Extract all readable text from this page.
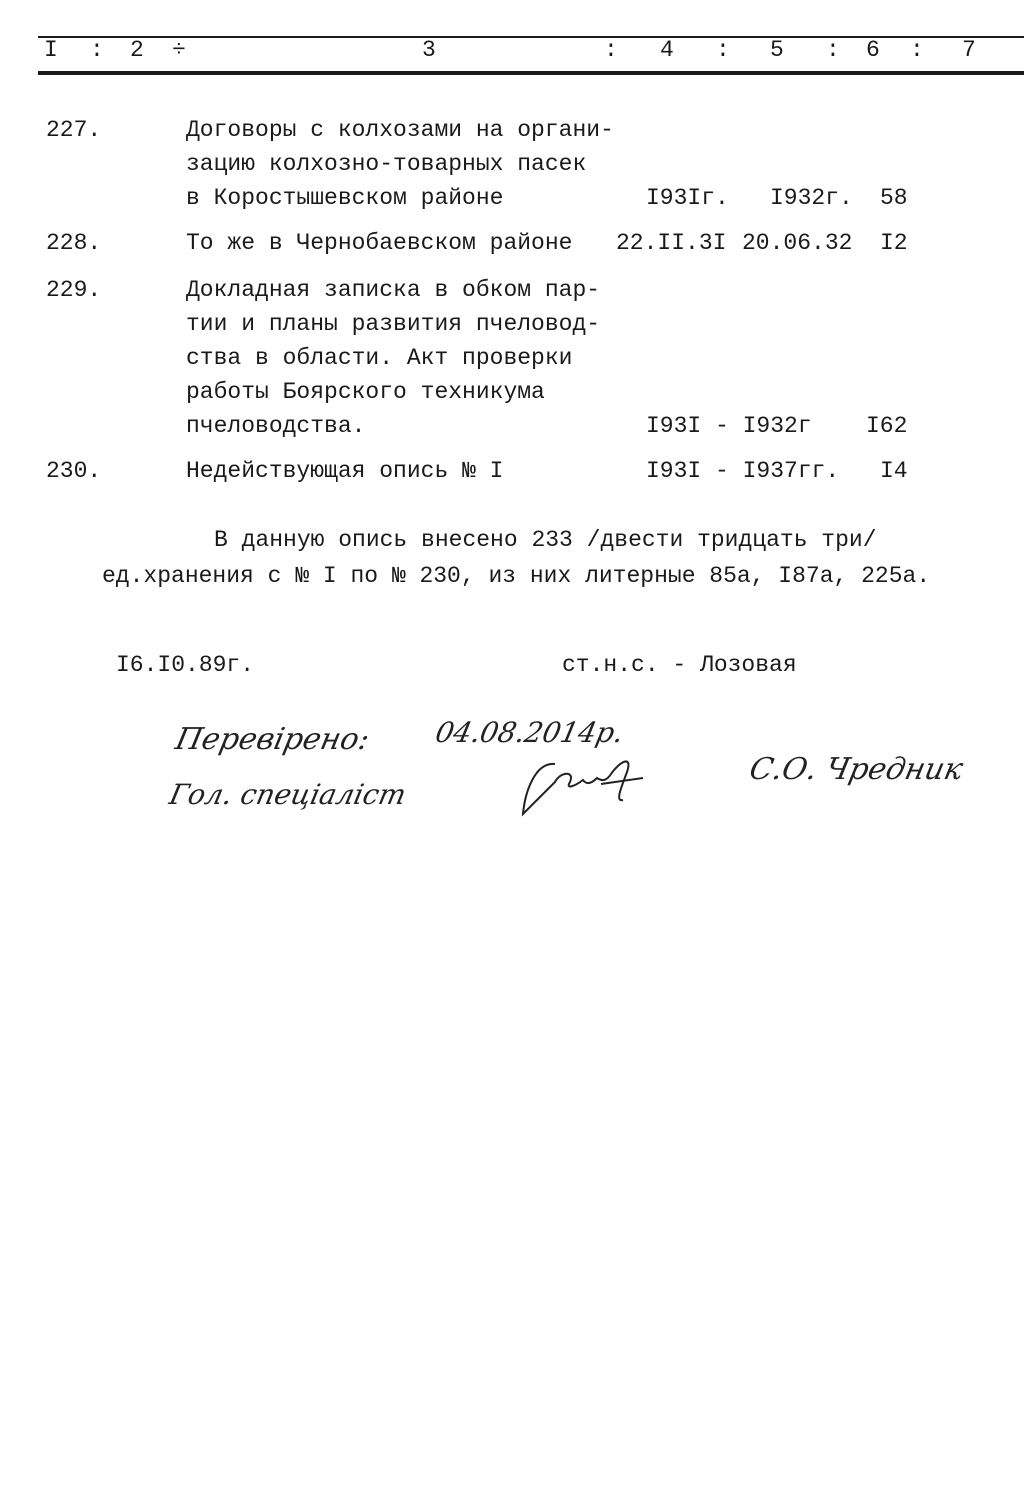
I : 2 ÷	3	: 4 : 5 : 6 : 7
227.	Договоры с колхозами на органи-
зацию колхозно-товарных пасек
в Коростышевском районе	I93Iг. I932г. 58
228.	То же в Чернобаевском районе 22.II.3I 20.06.32 I2
229.	Докладная записка в обком пар-
тии и планы развития пчеловод-
ства в области. Акт проверки
работы Боярского техникума
пчеловодства.	I93I - I932г I62
230.	Недействующая опись № I	I93I - I937гг. I4
В данную опись внесено 233 /двести тридцать три/
ед.хранения с № I по № 230, из них литерные 85а, I87а, 225а.
I6.I0.89г.	ст.н.с. - Лозовая
Перевірено: 04.08.2014р.
Гол. спеціаліст
С.О. Чредник
